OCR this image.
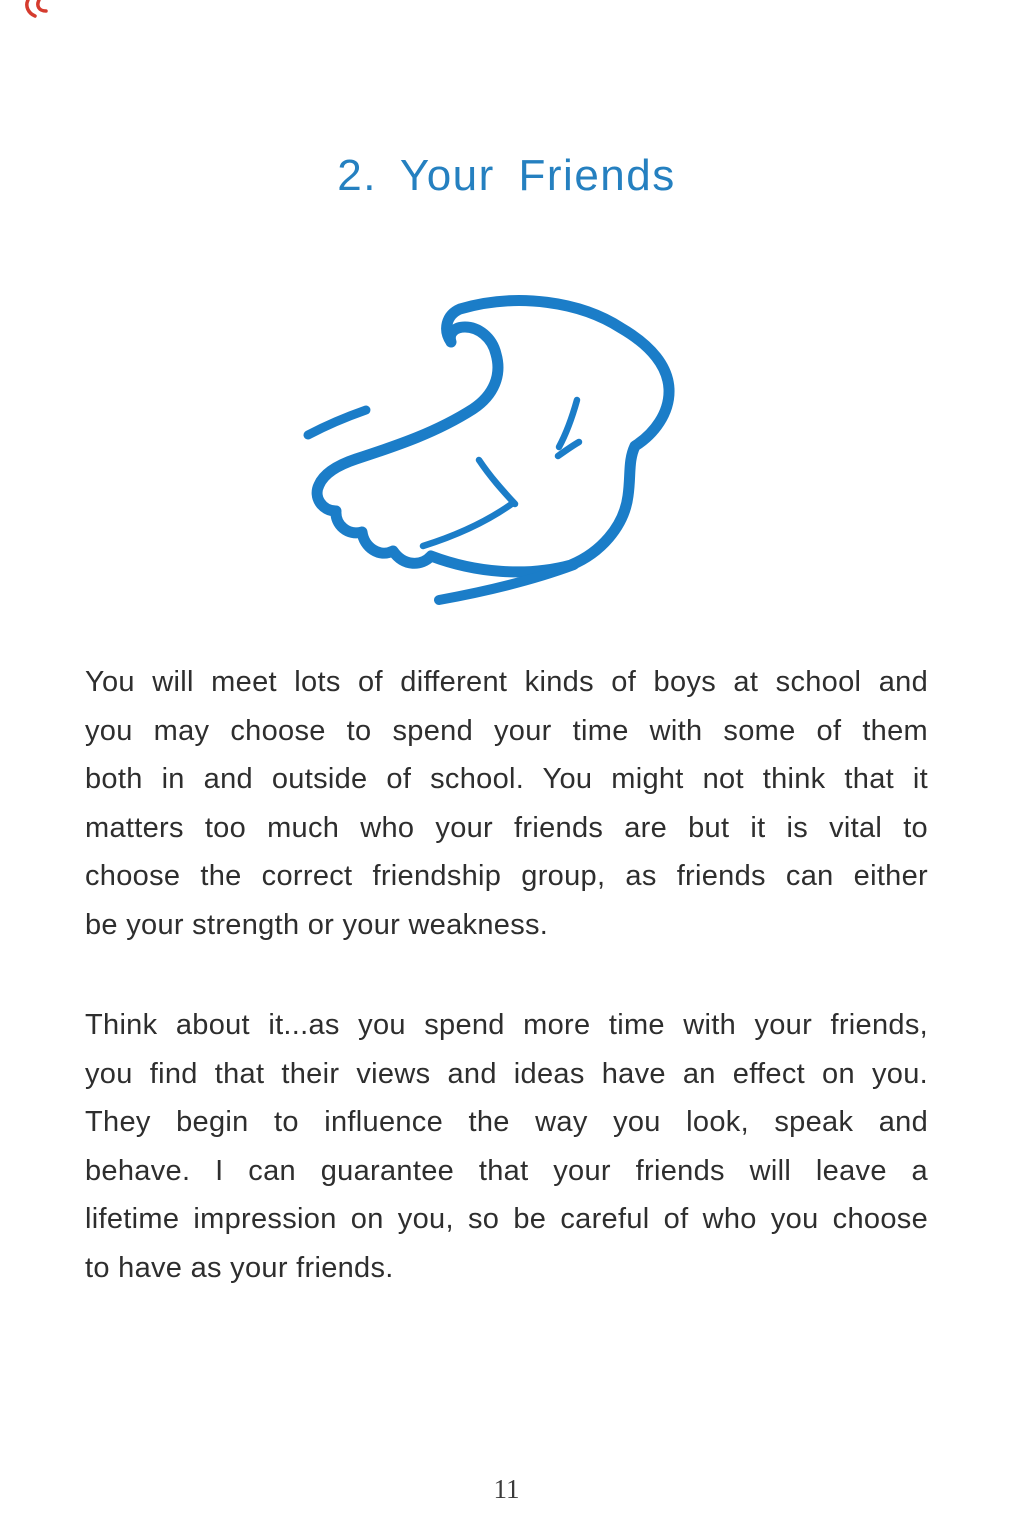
2. Your Friends
You will meet lots of different kinds of boys at school and
you may choose to spend your time with some of them
both in and outside of school. You might not think that it
matters too much who your friends are but it is vital to
choose the correct friendship group, as friends can either
be your strength or your weakness.
Think about it...as you spend more time with your friends,
you find that their views and ideas have an effect on you.
They begin to influence the way you look, speak and
behave. I can guarantee that your friends will leave a
lifetime impression on you, so be careful of who you choose
to have as your friends.
11
